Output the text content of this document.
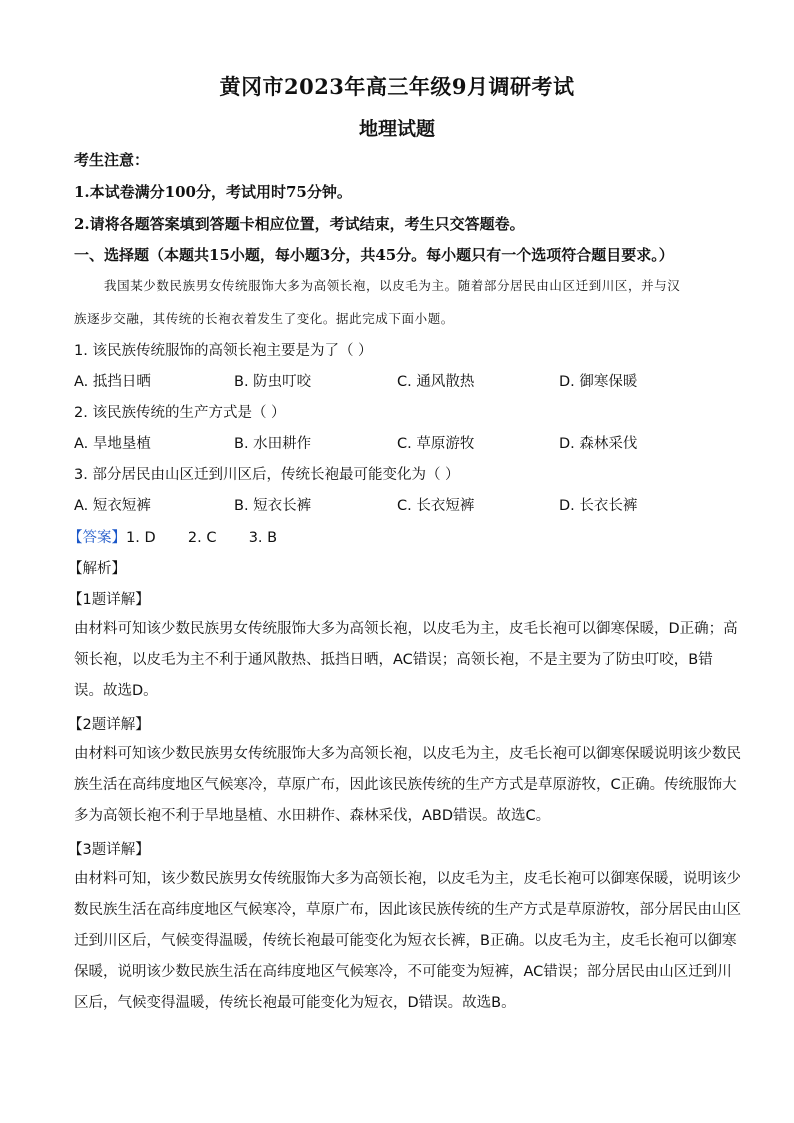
黄冈市2023年高三年级9月调研考试
地理试题
考生注意：
1.本试卷满分100分，考试用时75分钟。
2.请将各题答案填到答题卡相应位置，考试结束，考生只交答题卷。
一、选择题（本题共15小题，每小题3分，共45分。每小题只有一个选项符合题目要求。）
我国某少数民族男女传统服饰大多为高领长袍，以皮毛为主。随着部分居民由山区迁到川区，并与汉
族逐步交融，其传统的长袍衣着发生了变化。据此完成下面小题。
1. 该民族传统服饰的高领长袍主要是为了（ ）
A. 抵挡日晒	B. 防虫叮咬	C. 通风散热	D. 御寒保暖
2. 该民族传统的生产方式是（ ）
A. 旱地垦植	B. 水田耕作	C. 草原游牧	D. 森林采伐
3. 部分居民由山区迁到川区后，传统长袍最可能变化为（ ）
A. 短衣短裤	B. 短衣长裤	C. 长衣短裤	D. 长衣长裤
【答案】1. D       2. C       3. B
【解析】
【1题详解】
由材料可知该少数民族男女传统服饰大多为高领长袍，以皮毛为主，皮毛长袍可以御寒保暖，D正确；高
领长袍，以皮毛为主不利于通风散热、抵挡日晒，AC错误；高领长袍，不是主要为了防虫叮咬，B错
误。故选D。
【2题详解】
由材料可知该少数民族男女传统服饰大多为高领长袍，以皮毛为主，皮毛长袍可以御寒保暖说明该少数民
族生活在高纬度地区气候寒冷，草原广布，因此该民族传统的生产方式是草原游牧，C正确。传统服饰大
多为高领长袍不利于旱地垦植、水田耕作、森林采伐，ABD错误。故选C。
【3题详解】
由材料可知，该少数民族男女传统服饰大多为高领长袍，以皮毛为主，皮毛长袍可以御寒保暖，说明该少
数民族生活在高纬度地区气候寒冷，草原广布，因此该民族传统的生产方式是草原游牧，部分居民由山区
迁到川区后，气候变得温暖，传统长袍最可能变化为短衣长裤，B正确。以皮毛为主，皮毛长袍可以御寒
保暖，说明该少数民族生活在高纬度地区气候寒冷，不可能变为短裤，AC错误；部分居民由山区迁到川
区后，气候变得温暖，传统长袍最可能变化为短衣，D错误。故选B。
